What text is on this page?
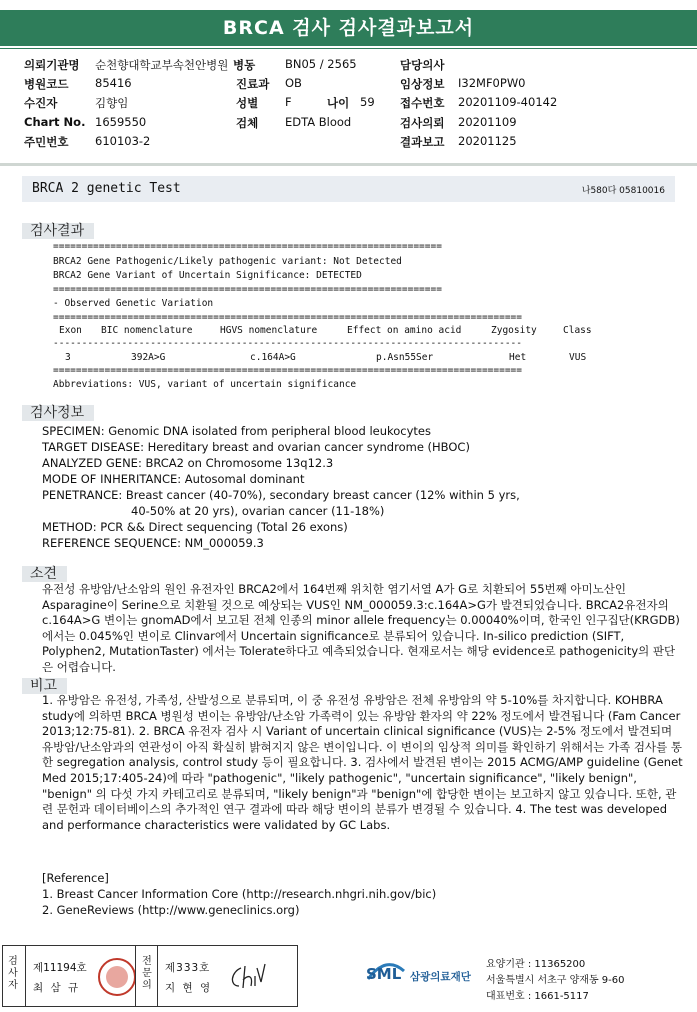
BRCA 검사 검사결과보고서
의뢰기관명 순천향대학교부속천안병원 병동	BN05 / 2565	담당의사
병원코드 85416	진료과 OB	임상정보 I32MF0PW0
수진자	김향임	성별 F	나이 59 접수번호 20201109-40142
Chart No. 1659550	검체 EDTA Blood	검사의뢰 20201109
주민번호 610103-2	결과보고 20201125
BRCA 2 genetic Test	나580다 05810016
검사결과
====================================================================
BRCA2 Gene Pathogenic/Likely pathogenic variant: Not Detected
BRCA2 Gene Variant of Uncertain Significance: DETECTED
====================================================================
- Observed Genetic Variation
==================================================================================
Exon BIC nomenclature	HGVS nomenclature	Effect on amino acid	Zygosity	Class
----------------------------------------------------------------------------------
3	392A>G	c.164A>G	p.Asn55Ser	Het	VUS
==================================================================================
Abbreviations: VUS, variant of uncertain significance
검사정보
SPECIMEN: Genomic DNA isolated from peripheral blood leukocytes
TARGET DISEASE: Hereditary breast and ovarian cancer syndrome (HBOC)
ANALYZED GENE: BRCA2 on Chromosome 13q12.3
MODE OF INHERITANCE: Autosomal dominant
PENETRANCE: Breast cancer (40-70%), secondary breast cancer (12% within 5 yrs,
40-50% at 20 yrs), ovarian cancer (11-18%)
METHOD: PCR && Direct sequencing (Total 26 exons)
REFERENCE SEQUENCE: NM_000059.3
소견
유전성 유방암/난소암의 원인 유전자인 BRCA2에서 164번째 위치한 염기서열 A가 G로 치환되어 55번째 아미노산인 Asparagine이 Serine으로 치환될 것으로 예상되는 VUS인 NM_000059.3:c.164A>G가 발견되었습니다. BRCA2유전자의 c.164A>G 변이는 gnomAD에서 보고된 전체 인종의 minor allele frequency는 0.00040%이며, 한국인 인구집단(KRGDB)에서는 0.045%인 변이로 Clinvar에서 Uncertain significance로 분류되어 있습니다. In-silico prediction (SIFT, Polyphen2, MutationTaster) 에서는 Tolerate하다고 예측되었습니다. 현재로서는 해당 evidence로 pathogenicity의 판단은 어렵습니다.
비고
1. 유방암은 유전성, 가족성, 산발성으로 분류되며, 이 중 유전성 유방암은 전체 유방암의 약 5-10%를 차지합니다. KOHBRA study에 의하면 BRCA 병원성 변이는 유방암/난소암 가족력이 있는 유방암 환자의 약 22% 정도에서 발견됩니다 (Fam Cancer 2013;12:75-81). 2. BRCA 유전자 검사 시 Variant of uncertain clinical significance (VUS)는 2-5% 정도에서 발견되며 유방암/난소암과의 연관성이 아직 확실히 밝혀지지 않은 변이입니다. 이 변이의 임상적 의미를 확인하기 위해서는 가족 검사를 통한 segregation analysis, control study 등이 필요합니다. 3. 검사에서 발견된 변이는 2015 ACMG/AMP guideline (Genet Med 2015;17:405-24)에 따라 "pathogenic", "likely pathogenic", "uncertain significance", "likely benign", "benign" 의 다섯 가지 카테고리로 분류되며, "likely benign"과 "benign"에 합당한 변이는 보고하지 않고 있습니다. 또한, 관련 문헌과 데이터베이스의 추가적인 연구 결과에 따라 해당 변이의 분류가 변경될 수 있습니다. 4. The test was developed and performance characteristics were validated by GC Labs.
[Reference]
1. Breast Cancer Information Core (http://research.nhgri.nih.gov/bic)
2. GeneReviews (http://www.geneclinics.org)
검사자
제11194호
최 삼 규
전문의
제333호
지 현 영
SML 삼광의료재단
요양기관 : 11365200
서울특별시 서초구 양재동 9-60
대표번호 : 1661-5117
